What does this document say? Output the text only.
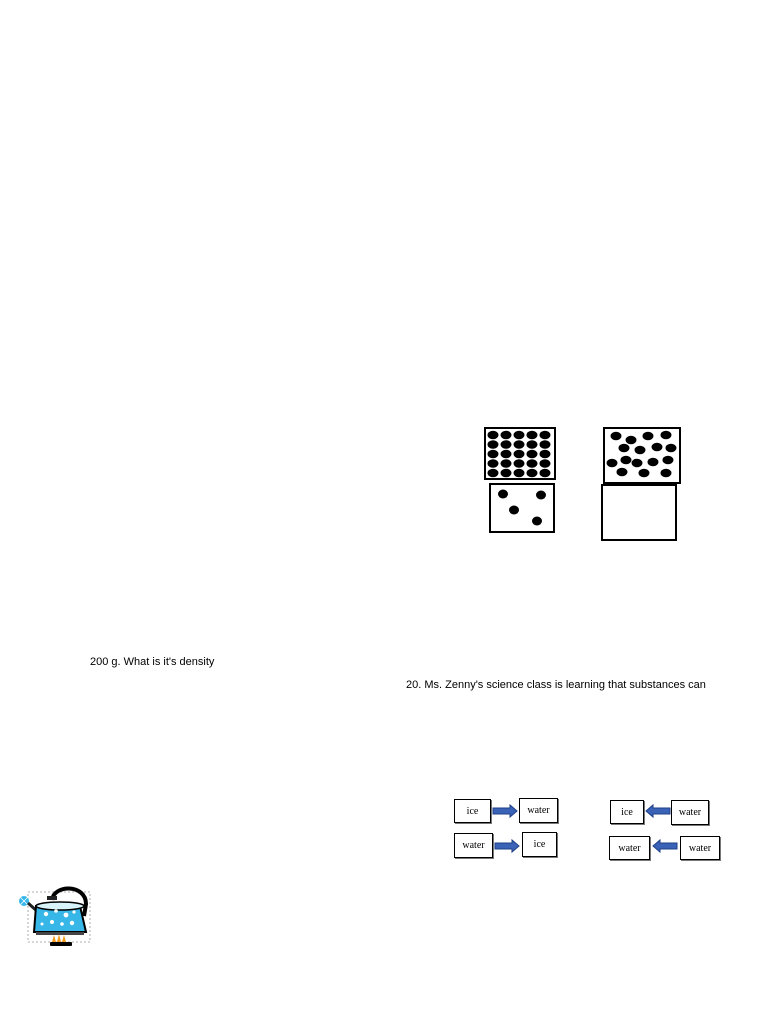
200 g. What is it's density
20. Ms. Zenny's science class is learning that substances can
ice	water
water	ice
ice	water
water	water
